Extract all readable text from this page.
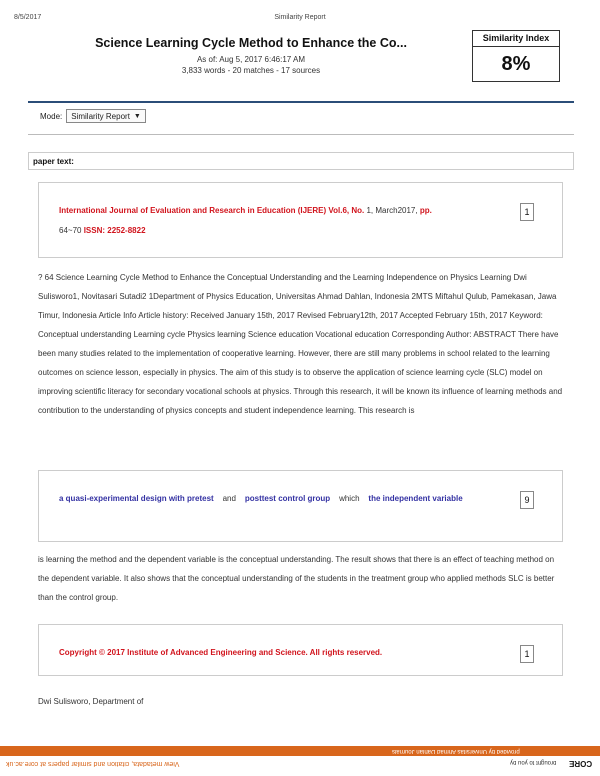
8/5/2017	Similarity Report
Science Learning Cycle Method to Enhance the Co...
As of: Aug 5, 2017 6:46:17 AM
3,833 words - 20 matches - 17 sources
Similarity Index
8%
Mode: Similarity Report ▼
paper text:
International Journal of Evaluation and Research in Education (IJERE) Vol.6, No. 1, March2017, pp.
64~70 ISSN: 2252-8822
1
? 64 Science Learning Cycle Method to Enhance the Conceptual Understanding and the Learning Independence on Physics Learning Dwi Sulisworo1, Novitasari Sutadi2 1Department of Physics Education, Universitas Ahmad Dahlan, Indonesia 2MTS Miftahul Qulub, Pamekasan, Jawa Timur, Indonesia Article Info Article history: Received January 15th, 2017 Revised February12th, 2017 Accepted February 15th, 2017 Keyword: Conceptual understanding Learning cycle Physics learning Science education Vocational education Corresponding Author: ABSTRACT There have been many studies related to the implementation of cooperative learning. However, there are still many problems in school related to the learning outcomes on science lesson, especially in physics. The aim of this study is to observe the application of science learning cycle (SLC) model on improving scientific literacy for secondary vocational schools at physics. Through this research, it will be known its influence of learning methods and contribution to the understanding of physics concepts and student independence learning. This research is
a quasi-experimental design with pretest    and    posttest control group    which    the independent variable	9
is learning the method and the dependent variable is the conceptual understanding. The result shows that there is an effect of teaching method on the dependent variable. It also shows that the conceptual understanding of the students in the treatment group who applied methods SLC is better than the control group.
Copyright © 2017 Institute of Advanced Engineering and Science. All rights reserved.	1
Dwi Sulisworo, Department of
provided by Universitas Ahmad Dahlan Journals
View metadata, citation and similar papers at core.ac.uk	brought to you by CORE
